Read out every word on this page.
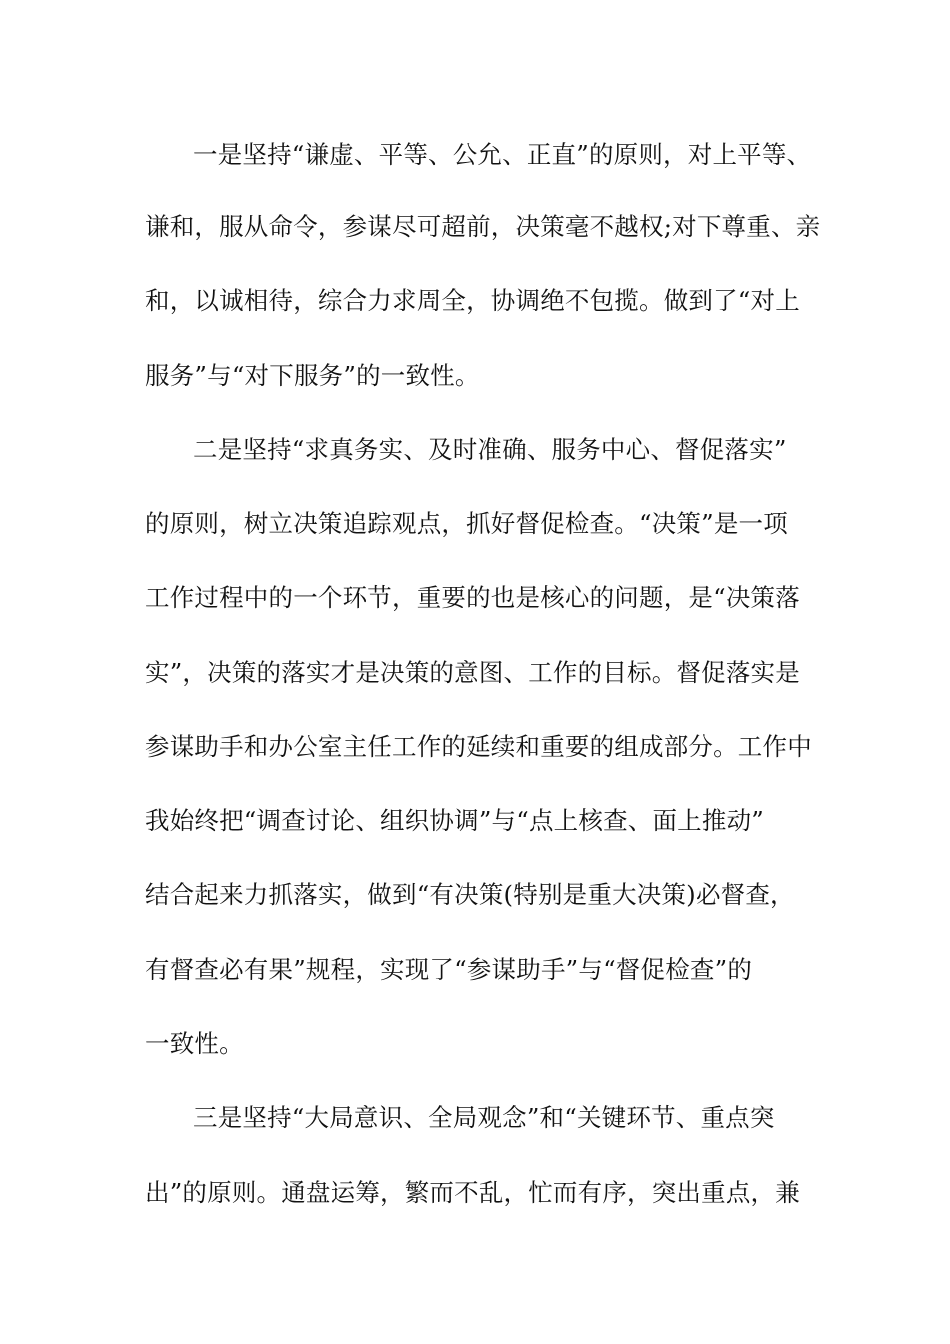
一是坚持“谦虚、平等、公允、正直”的原则，对上平等、
谦和，服从命令，参谋尽可超前，决策毫不越权;对下尊重、亲
和，以诚相待，综合力求周全，协调绝不包揽。做到了“对上
服务”与“对下服务”的一致性。
二是坚持“求真务实、及时准确、服务中心、督促落实”
的原则，树立决策追踪观点，抓好督促检查。“决策”是一项
工作过程中的一个环节，重要的也是核心的问题，是“决策落
实”，决策的落实才是决策的意图、工作的目标。督促落实是
参谋助手和办公室主任工作的延续和重要的组成部分。工作中
我始终把“调查讨论、组织协调”与“点上核查、面上推动”
结合起来力抓落实，做到“有决策(特别是重大决策)必督查，
有督查必有果”规程，实现了“参谋助手”与“督促检查”的
一致性。
三是坚持“大局意识、全局观念”和“关键环节、重点突
出”的原则。通盘运筹，繁而不乱，忙而有序，突出重点，兼
